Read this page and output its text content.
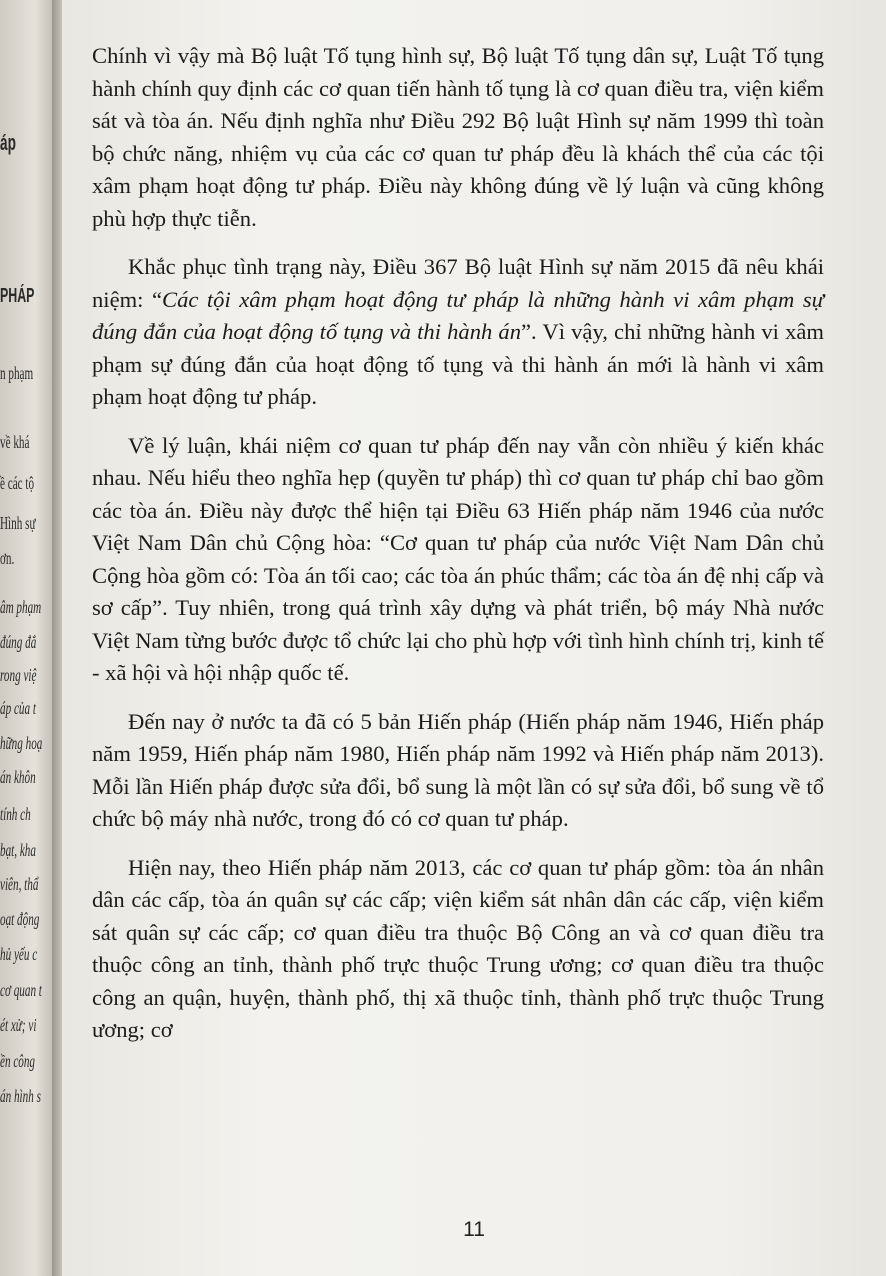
áp
PHÁP
n phạm
về khá
ề các tộ
Hình sự
ơn.
âm phạm
đúng đắ
rong việ
áp của t
hững hoạ
án khôn
tính ch
bạt, kha
viên, thẩ
oạt động
hủ yếu c
cơ quan t
ét xử; vi
ền công
án hình s

Chính vì vậy mà Bộ luật Tố tụng hình sự, Bộ luật Tố tụng dân sự, Luật Tố tụng hành chính quy định các cơ quan tiến hành tố tụng là cơ quan điều tra, viện kiểm sát và tòa án. Nếu định nghĩa như Điều 292 Bộ luật Hình sự năm 1999 thì toàn bộ chức năng, nhiệm vụ của các cơ quan tư pháp đều là khách thể của các tội xâm phạm hoạt động tư pháp. Điều này không đúng về lý luận và cũng không phù hợp thực tiễn.

Khắc phục tình trạng này, Điều 367 Bộ luật Hình sự năm 2015 đã nêu khái niệm: “Các tội xâm phạm hoạt động tư pháp là những hành vi xâm phạm sự đúng đắn của hoạt động tố tụng và thi hành án”. Vì vậy, chỉ những hành vi xâm phạm sự đúng đắn của hoạt động tố tụng và thi hành án mới là hành vi xâm phạm hoạt động tư pháp.

Về lý luận, khái niệm cơ quan tư pháp đến nay vẫn còn nhiều ý kiến khác nhau. Nếu hiểu theo nghĩa hẹp (quyền tư pháp) thì cơ quan tư pháp chỉ bao gồm các tòa án. Điều này được thể hiện tại Điều 63 Hiến pháp năm 1946 của nước Việt Nam Dân chủ Cộng hòa: “Cơ quan tư pháp của nước Việt Nam Dân chủ Cộng hòa gồm có: Tòa án tối cao; các tòa án phúc thẩm; các tòa án đệ nhị cấp và sơ cấp”. Tuy nhiên, trong quá trình xây dựng và phát triển, bộ máy Nhà nước Việt Nam từng bước được tổ chức lại cho phù hợp với tình hình chính trị, kinh tế - xã hội và hội nhập quốc tế.

Đến nay ở nước ta đã có 5 bản Hiến pháp (Hiến pháp năm 1946, Hiến pháp năm 1959, Hiến pháp năm 1980, Hiến pháp năm 1992 và Hiến pháp năm 2013). Mỗi lần Hiến pháp được sửa đổi, bổ sung là một lần có sự sửa đổi, bổ sung về tổ chức bộ máy nhà nước, trong đó có cơ quan tư pháp.

Hiện nay, theo Hiến pháp năm 2013, các cơ quan tư pháp gồm: tòa án nhân dân các cấp, tòa án quân sự các cấp; viện kiểm sát nhân dân các cấp, viện kiểm sát quân sự các cấp; cơ quan điều tra thuộc Bộ Công an và cơ quan điều tra thuộc công an tỉnh, thành phố trực thuộc Trung ương; cơ quan điều tra thuộc công an quận, huyện, thành phố, thị xã thuộc tỉnh, thành phố trực thuộc Trung ương; cơ

11
